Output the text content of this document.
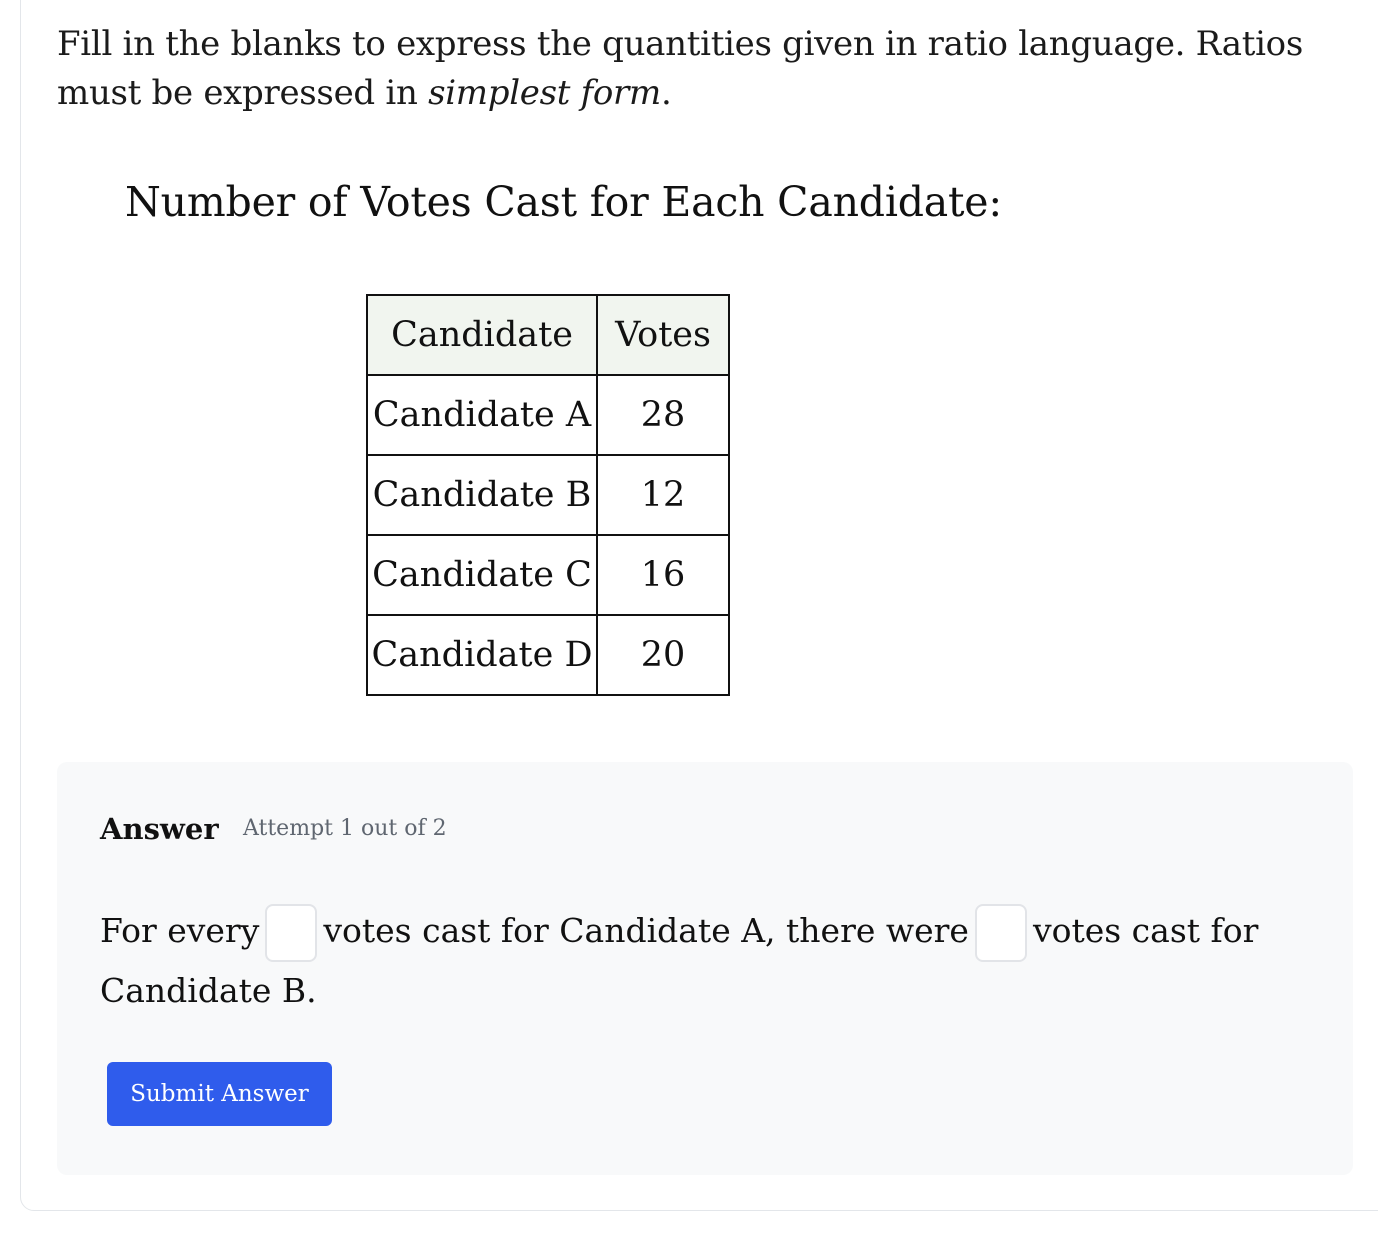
Fill in the blanks to express the quantities given in ratio language. Ratios must be expressed in simplest form.
Number of Votes Cast for Each Candidate:
Candidate	Votes
Candidate A	28
Candidate B	12
Candidate C	16
Candidate D	20
Answer Attempt 1 out of 2
For every votes cast for Candidate A, there were votes cast for Candidate B.
Submit Answer
